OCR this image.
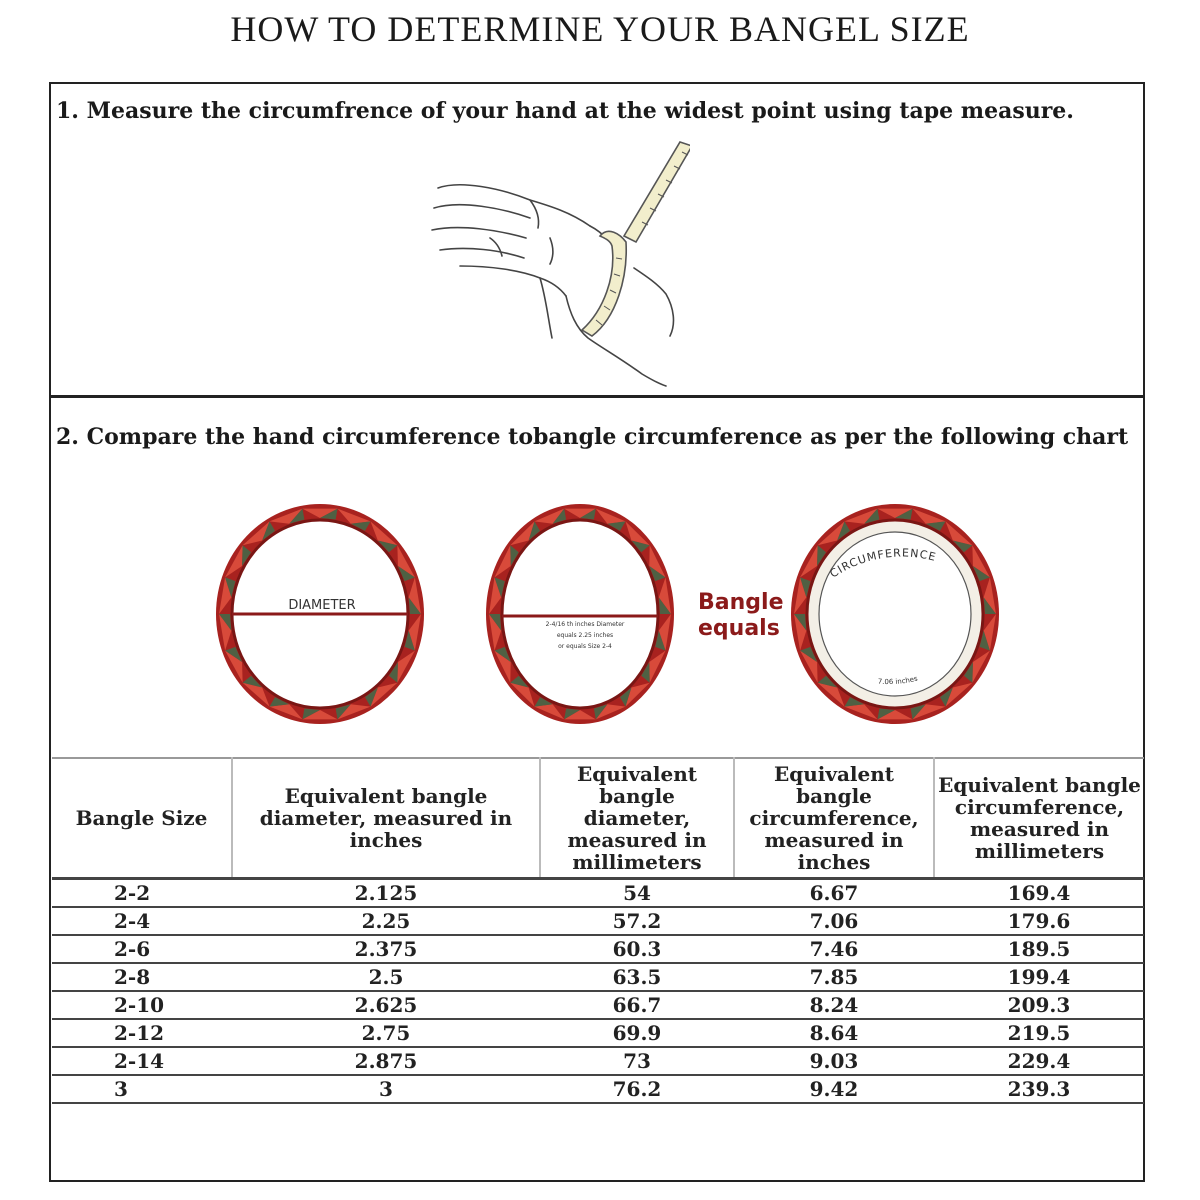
HOW TO DETERMINE YOUR BANGEL SIZE
1. Measure the circumfrence of your hand at the widest point using tape measure.
2. Compare the hand circumference tobangle circumference as per the following chart
DIAMETER
2-4/16 th inches Diameter
equals 2.25 inches
or equals Size 2-4
CIRCUMFERENCE
7.06 inches
Bangle
equals
Bangle Size	Equivalent bangle diameter, measured in inches	Equivalent bangle diameter, measured in millimeters	Equivalent bangle circumference, measured in inches	Equivalent bangle circumference, measured in millimeters
2-2	2.125	54	6.67	169.4
2-4	2.25	57.2	7.06	179.6
2-6	2.375	60.3	7.46	189.5
2-8	2.5	63.5	7.85	199.4
2-10	2.625	66.7	8.24	209.3
2-12	2.75	69.9	8.64	219.5
2-14	2.875	73	9.03	229.4
3	3	76.2	9.42	239.3
